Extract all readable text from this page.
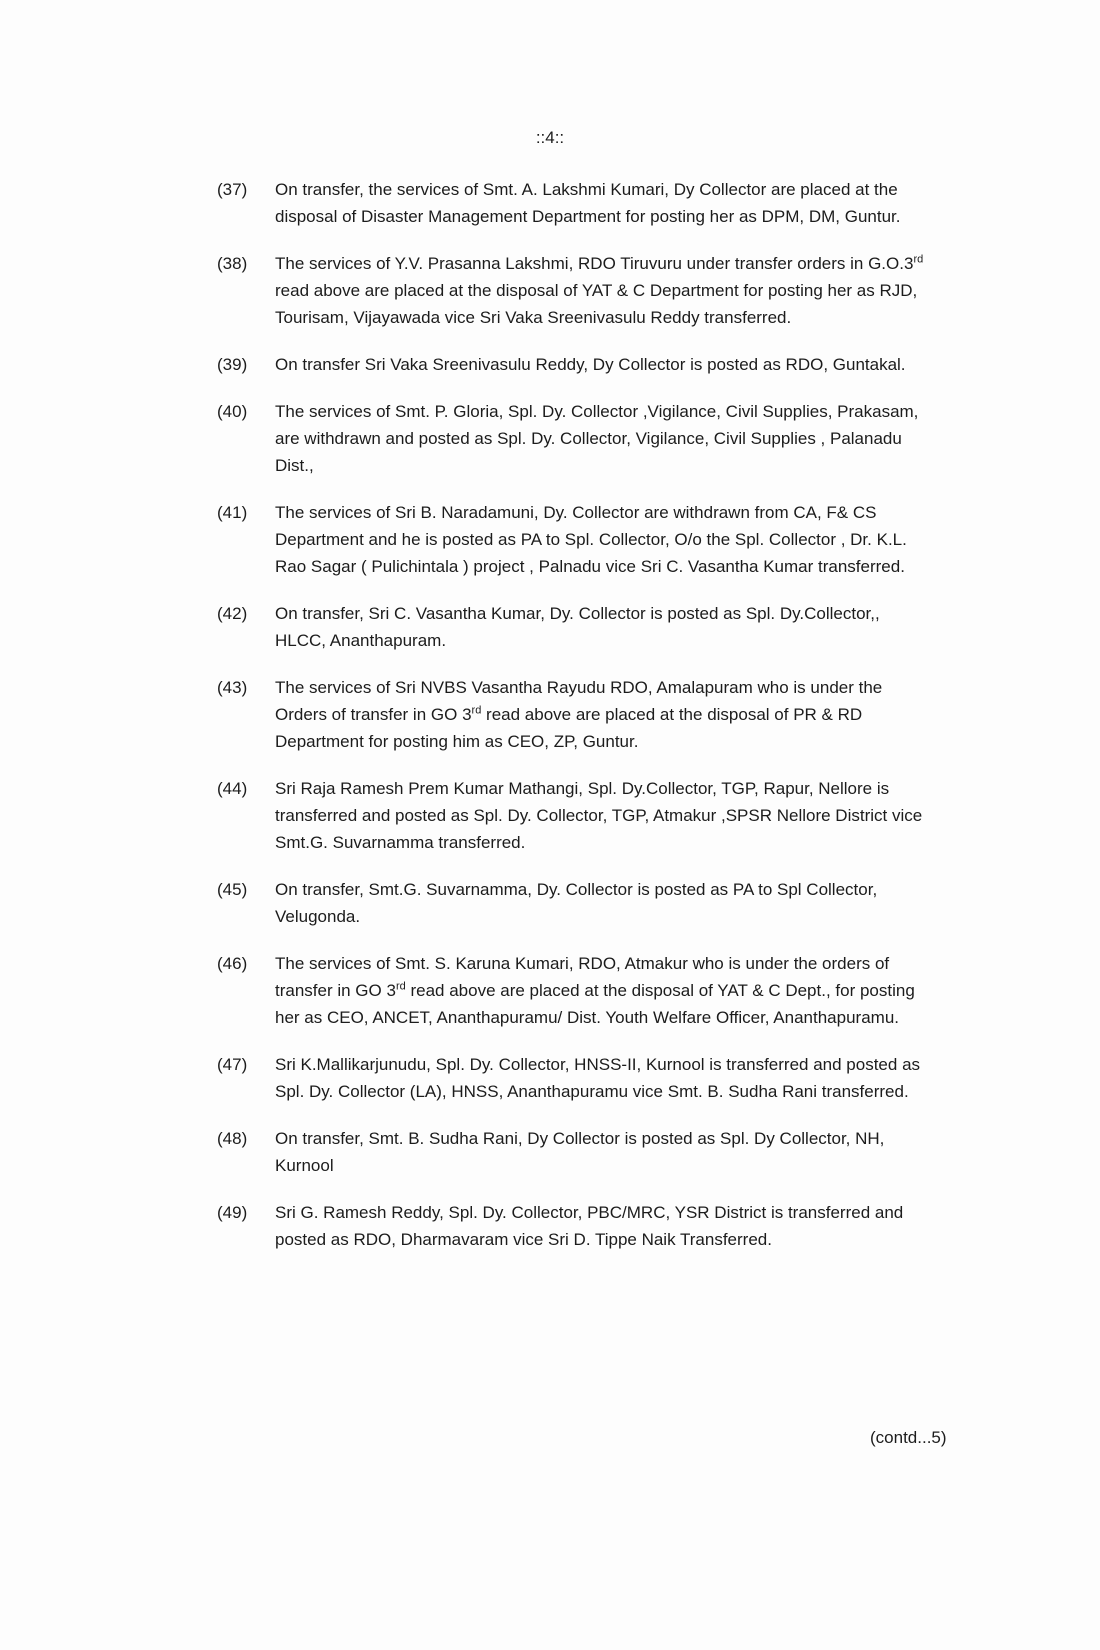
::4::
(37) On transfer, the services of Smt. A. Lakshmi Kumari, Dy Collector are placed at the disposal of Disaster Management Department for posting her as DPM, DM, Guntur.
(38) The services of Y.V. Prasanna Lakshmi, RDO Tiruvuru under transfer orders in G.O.3rd read above are placed at the disposal of YAT & C Department for posting her as RJD, Tourisam, Vijayawada vice Sri Vaka Sreenivasulu Reddy transferred.
(39) On transfer Sri Vaka Sreenivasulu Reddy, Dy Collector is posted as RDO, Guntakal.
(40) The services of Smt. P. Gloria, Spl. Dy. Collector ,Vigilance, Civil Supplies, Prakasam, are withdrawn and posted as Spl. Dy. Collector, Vigilance, Civil Supplies , Palanadu Dist.,
(41) The services of Sri B. Naradamuni, Dy. Collector are withdrawn from CA, F& CS Department and he is posted as PA to Spl. Collector, O/o the Spl. Collector , Dr. K.L. Rao Sagar ( Pulichintala ) project , Palnadu vice Sri C. Vasantha Kumar transferred.
(42) On transfer, Sri C. Vasantha Kumar, Dy. Collector is posted as Spl. Dy.Collector,, HLCC, Ananthapuram.
(43) The services of Sri NVBS Vasantha Rayudu RDO, Amalapuram who is under the Orders of transfer in GO 3rd read above are placed at the disposal of PR & RD Department for posting him as CEO, ZP, Guntur.
(44) Sri Raja Ramesh Prem Kumar Mathangi, Spl. Dy.Collector, TGP, Rapur, Nellore is transferred and posted as Spl. Dy. Collector, TGP, Atmakur ,SPSR Nellore District vice Smt.G. Suvarnamma transferred.
(45) On transfer, Smt.G. Suvarnamma, Dy. Collector is posted as PA to Spl Collector, Velugonda.
(46) The services of Smt. S. Karuna Kumari, RDO, Atmakur who is under the orders of transfer in GO 3rd read above are placed at the disposal of YAT & C Dept., for posting her as CEO, ANCET, Ananthapuramu/ Dist. Youth Welfare Officer, Ananthapuramu.
(47) Sri K.Mallikarjunudu, Spl. Dy. Collector, HNSS-II, Kurnool is transferred and posted as Spl. Dy. Collector (LA), HNSS, Ananthapuramu vice Smt. B. Sudha Rani transferred.
(48) On transfer, Smt. B. Sudha Rani, Dy Collector is posted as Spl. Dy Collector, NH, Kurnool
(49) Sri G. Ramesh Reddy, Spl. Dy. Collector, PBC/MRC, YSR District is transferred and posted as RDO, Dharmavaram vice Sri D. Tippe Naik Transferred.
(contd...5)
